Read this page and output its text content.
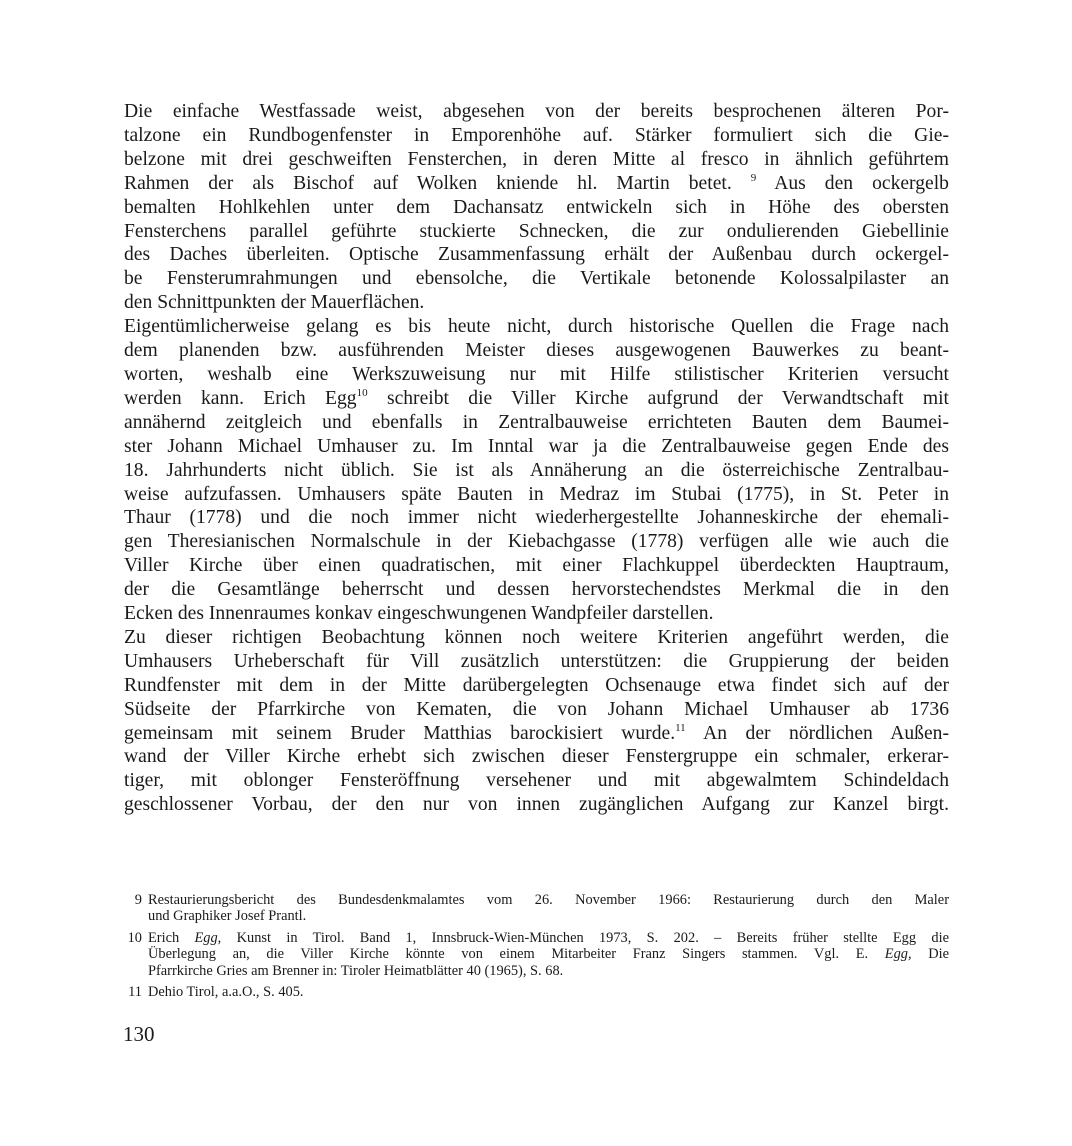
Die einfache Westfassade weist, abgesehen von der bereits besprochenen älteren Por-
talzone ein Rundbogenfenster in Emporenhöhe auf. Stärker formuliert sich die Gie-
belzone mit drei geschweiften Fensterchen, in deren Mitte al fresco in ähnlich geführtem
Rahmen der als Bischof auf Wolken kniende hl. Martin betet. $^9$ Aus den ockergelb
bemalten Hohlkehlen unter dem Dachansatz entwickeln sich in Höhe des obersten
Fensterchens parallel geführte stuckierte Schnecken, die zur ondulierenden Giebellinie
des Daches überleiten. Optische Zusammenfassung erhält der Außenbau durch ockergel-
be Fensterumrahmungen und ebensolche, die Vertikale betonende Kolossalpilaster an
den Schnittpunkten der Mauerflächen.

Eigentümlicherweise gelang es bis heute nicht, durch historische Quellen die Frage nach
dem planenden bzw. ausführenden Meister dieses ausgewogenen Bauwerkes zu beant-
worten, weshalb eine Werkszuweisung nur mit Hilfe stilistischer Kriterien versucht
werden kann. Erich Egg$^{10}$ schreibt die Viller Kirche aufgrund der Verwandtschaft mit
annähernd zeitgleich und ebenfalls in Zentralbauweise errichteten Bauten dem Baumei-
ster Johann Michael Umhauser zu. Im Inntal war ja die Zentralbauweise gegen Ende des
18. Jahrhunderts nicht üblich. Sie ist als Annäherung an die österreichische Zentralbau-
weise aufzufassen. Umhausers späte Bauten in Medraz im Stubai (1775), in St. Peter in
Thaur (1778) und die noch immer nicht wiederhergestellte Johanneskirche der ehemali-
gen Theresianischen Normalschule in der Kiebachgasse (1778) verfügen alle wie auch die
Viller Kirche über einen quadratischen, mit einer Flachkuppel überdeckten Hauptraum,
der die Gesamtlänge beherrscht und dessen hervorstechendstes Merkmal die in den
Ecken des Innenraumes konkav eingeschwungenen Wandpfeiler darstellen.

Zu dieser richtigen Beobachtung können noch weitere Kriterien angeführt werden, die
Umhausers Urheberschaft für Vill zusätzlich unterstützen: die Gruppierung der beiden
Rundfenster mit dem in der Mitte darübergelegten Ochsenauge etwa findet sich auf der
Südseite der Pfarrkirche von Kematen, die von Johann Michael Umhauser ab 1736
gemeinsam mit seinem Bruder Matthias barockisiert wurde.$^{11}$ An der nördlichen Außen-
wand der Viller Kirche erhebt sich zwischen dieser Fenstergruppe ein schmaler, erkerar-
tiger, mit oblonger Fensteröffnung versehener und mit abgewalmtem Schindeldach
geschlossener Vorbau, der den nur von innen zugänglichen Aufgang zur Kanzel birgt.

9 Restaurierungsbericht des Bundesdenkmalamtes vom 26. November 1966: Restaurierung durch den Maler
und Graphiker Josef Prantl.
10 Erich Egg, Kunst in Tirol. Band 1, Innsbruck-Wien-München 1973, S. 202. – Bereits früher stellte Egg die
Überlegung an, die Viller Kirche könnte von einem Mitarbeiter Franz Singers stammen. Vgl. E. Egg, Die
Pfarrkirche Gries am Brenner in: Tiroler Heimatblätter 40 (1965), S. 68.
11 Dehio Tirol, a.a.O., S. 405.
130
